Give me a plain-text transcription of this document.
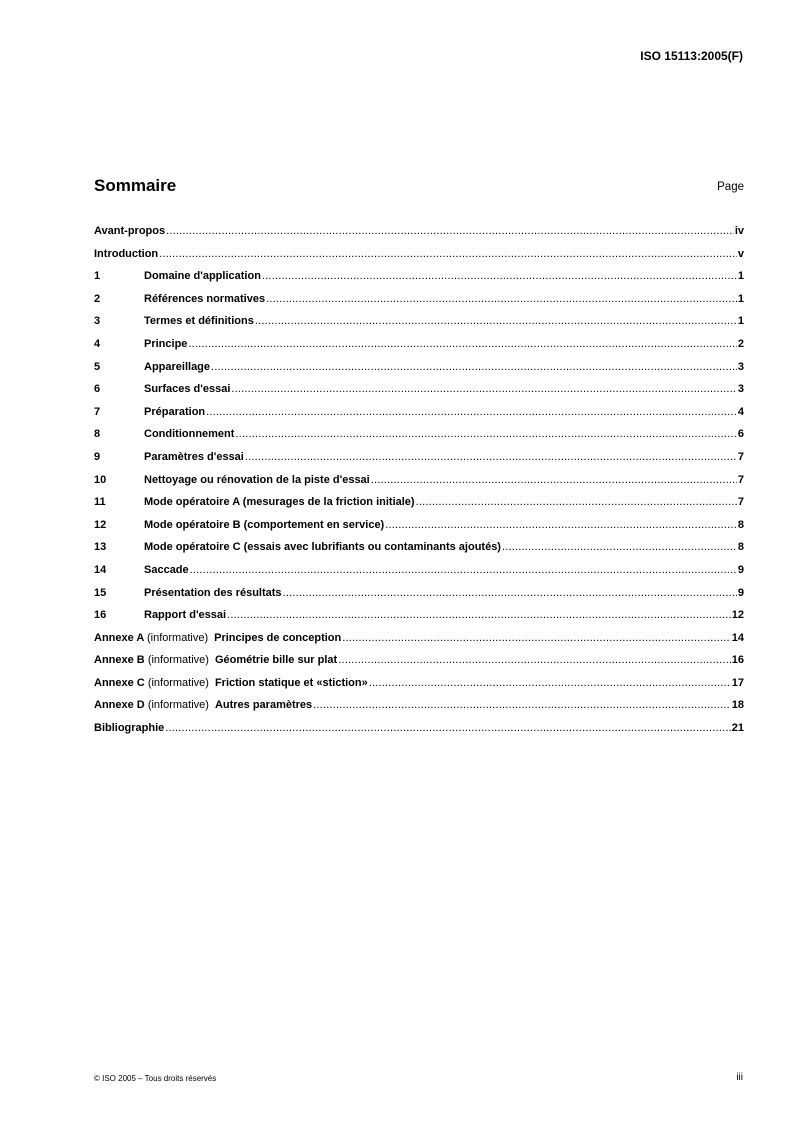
ISO 15113:2005(F)
Sommaire	Page
Avant-propos .....	iv
Introduction .....	v
1	Domaine d'application .....	1
2	Références normatives .....	1
3	Termes et définitions .....	1
4	Principe .....	2
5	Appareillage .....	3
6	Surfaces d'essai .....	3
7	Préparation .....	4
8	Conditionnement .....	6
9	Paramètres d'essai .....	7
10	Nettoyage ou rénovation de la piste d'essai .....	7
11	Mode opératoire A (mesurages de la friction initiale) .....	7
12	Mode opératoire B (comportement en service) .....	8
13	Mode opératoire C (essais avec lubrifiants ou contaminants ajoutés) .....	8
14	Saccade .....	9
15	Présentation des résultats .....	9
16	Rapport d'essai .....	12
Annexe A (informative) Principes de conception .....	14
Annexe B (informative) Géométrie bille sur plat .....	16
Annexe C (informative) Friction statique et «stiction» .....	17
Annexe D (informative) Autres paramètres .....	18
Bibliographie .....	21
© ISO 2005 – Tous droits réservés	iii
